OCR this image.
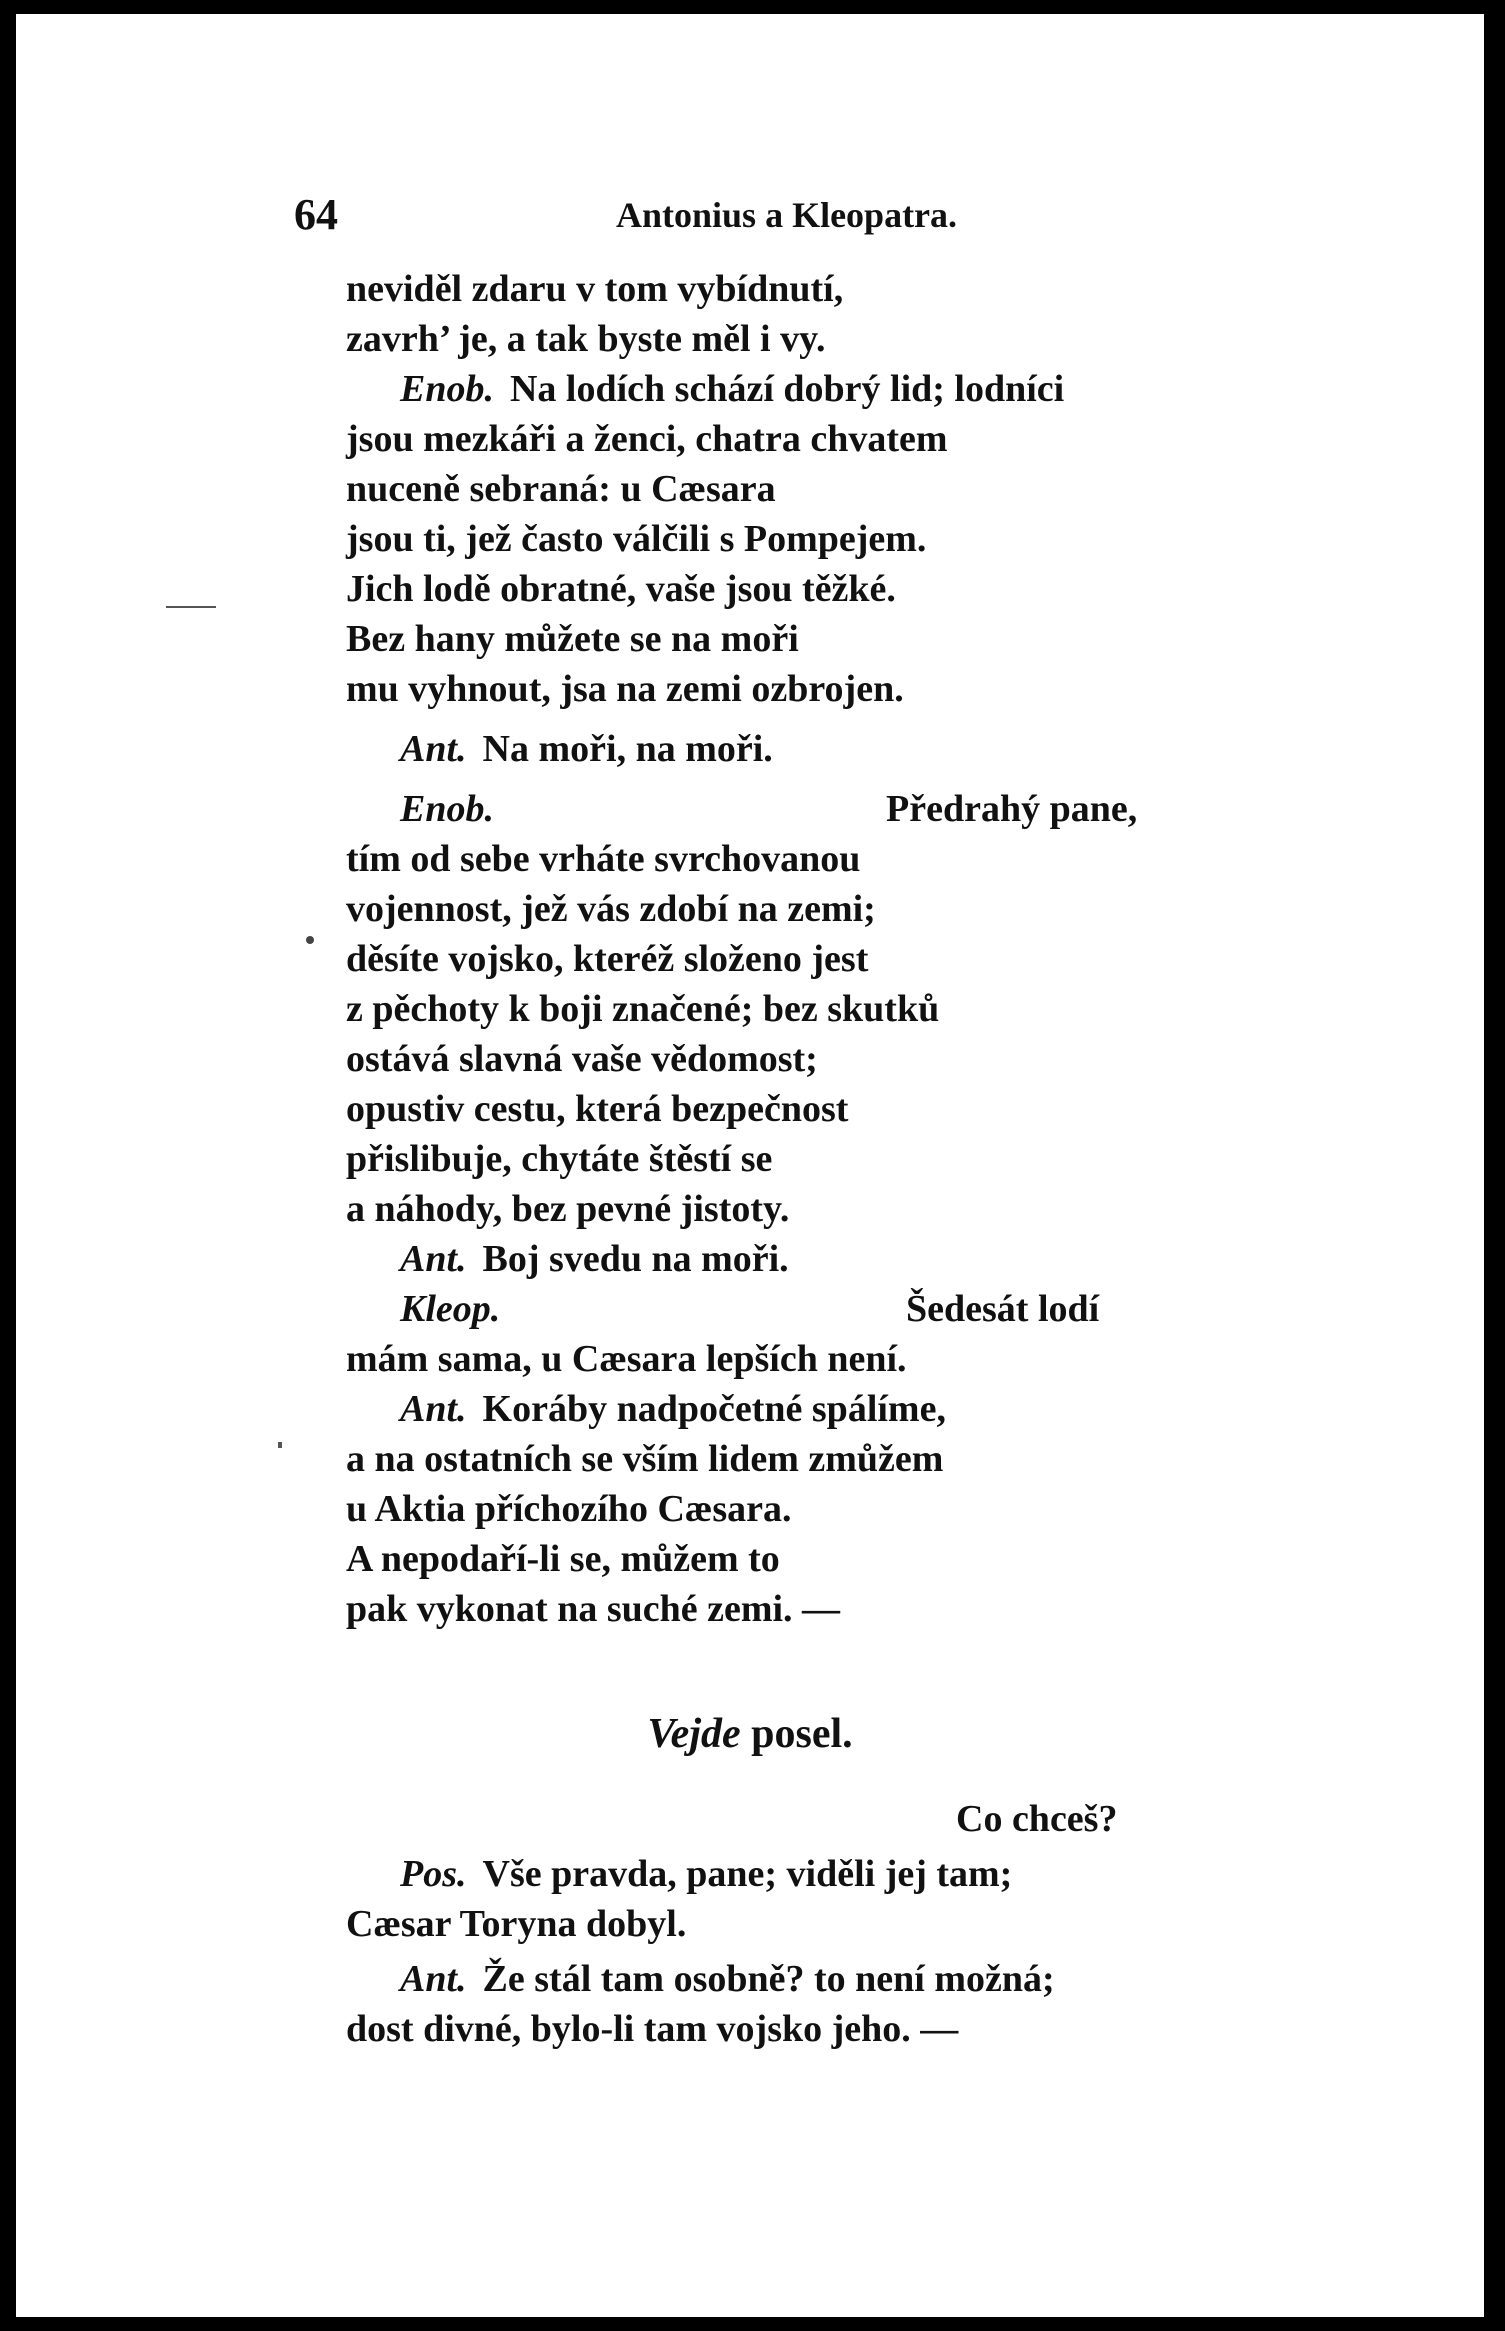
64	Antonius a Kleopatra.
neviděl zdaru v tom vybídnutí,
zavrh’ je, a tak byste měl i vy.
Enob. Na lodích schází dobrý lid; lodníci
jsou mezkáři a ženci, chatra chvatem
nuceně sebraná: u Cæsara
jsou ti, jež často válčili s Pompejem.
Jich lodě obratné, vaše jsou těžké.
Bez hany můžete se na moři
mu vyhnout, jsa na zemi ozbrojen.
Ant. Na moři, na moři.
Enob.	Předrahý pane,
tím od sebe vrháte svrchovanou
vojennost, jež vás zdobí na zemi;
děsíte vojsko, kteréž složeno jest
z pěchoty k boji značené; bez skutků
ostává slavná vaše vědomost;
opustiv cestu, která bezpečnost
přislibuje, chytáte štěstí se
a náhody, bez pevné jistoty.
Ant. Boj svedu na moři.
Kleop.	Šedesát lodí
mám sama, u Cæsara lepších není.
Ant. Koráby nadpočetné spálíme,
a na ostatních se vším lidem zmůžem
u Aktia příchozího Cæsara.
A nepodaří-li se, můžem to
pak vykonat na suché zemi. —
Vejde posel.
Co chceš?
Pos. Vše pravda, pane; viděli jej tam;
Cæsar Toryna dobyl.
Ant. Že stál tam osobně? to není možná;
dost divné, bylo-li tam vojsko jeho. —
